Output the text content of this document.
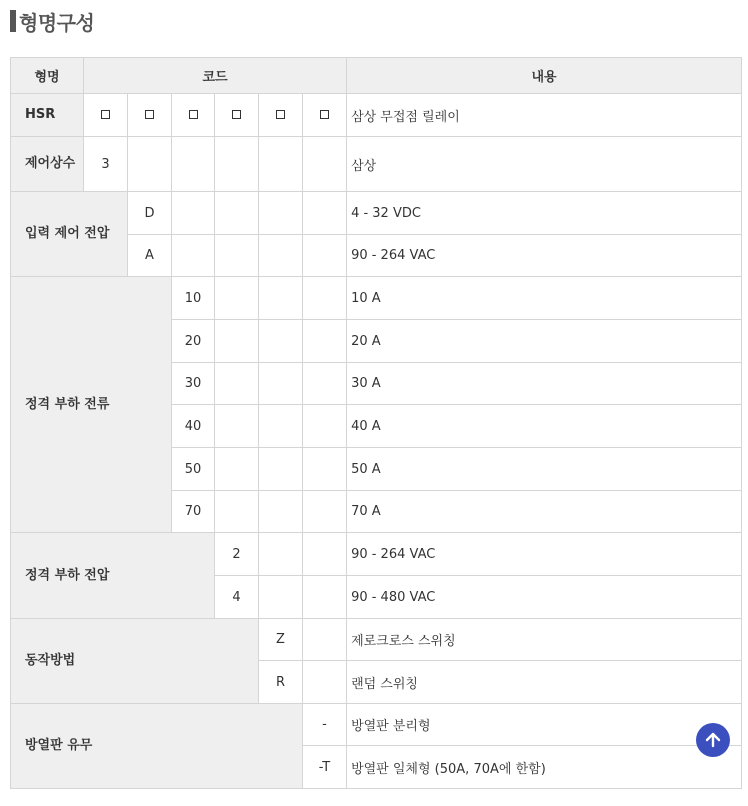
형명구성
형명	코드						내용
HSR							삼상 무접점 릴레이
제어상수	3						삼상
입력 제어 전압		D					4 - 32 VDC
		A					90 - 264 VAC
정격 부하 전류			10				10 A
			20				20 A
			30				30 A
			40				40 A
			50				50 A
			70				70 A
정격 부하 전압				2			90 - 264 VAC
				4			90 - 480 VAC
동작방법					Z		제로크로스 스위칭
					R		랜덤 스위칭
방열판 유무						-	방열판 분리형
						-T	방열판 일체형 (50A, 70A에 한함)
